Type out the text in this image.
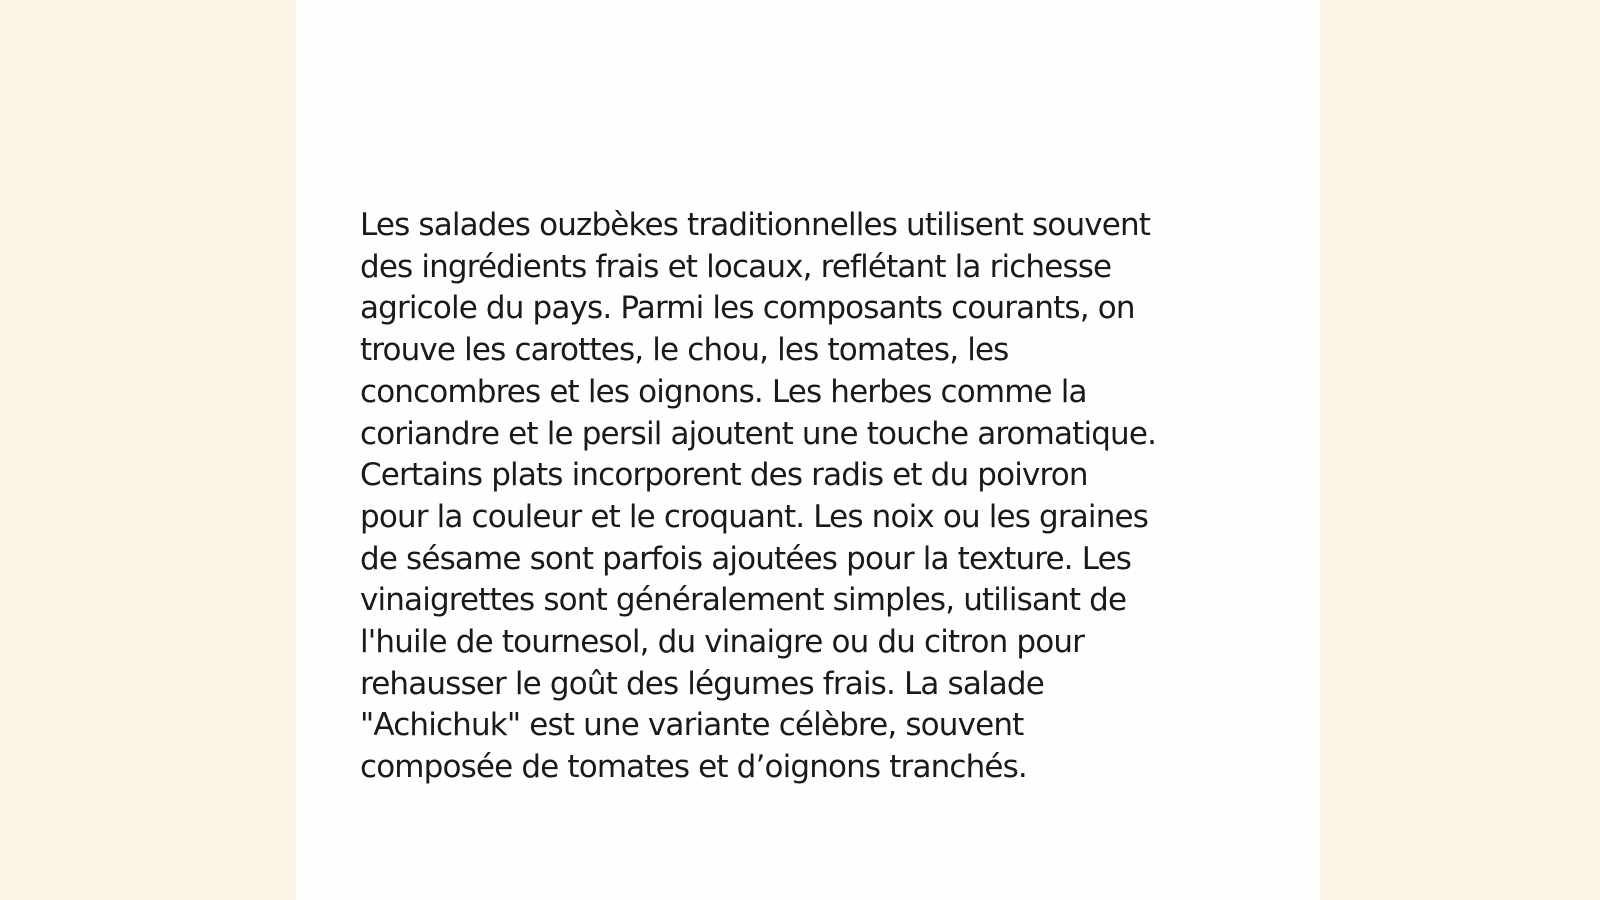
Les salades ouzbèkes traditionnelles utilisent souvent
des ingrédients frais et locaux, reflétant la richesse
agricole du pays. Parmi les composants courants, on
trouve les carottes, le chou, les tomates, les
concombres et les oignons. Les herbes comme la
coriandre et le persil ajoutent une touche aromatique.
Certains plats incorporent des radis et du poivron
pour la couleur et le croquant. Les noix ou les graines
de sésame sont parfois ajoutées pour la texture. Les
vinaigrettes sont généralement simples, utilisant de
l'huile de tournesol, du vinaigre ou du citron pour
rehausser le goût des légumes frais. La salade
"Achichuk" est une variante célèbre, souvent
composée de tomates et d’oignons tranchés.
